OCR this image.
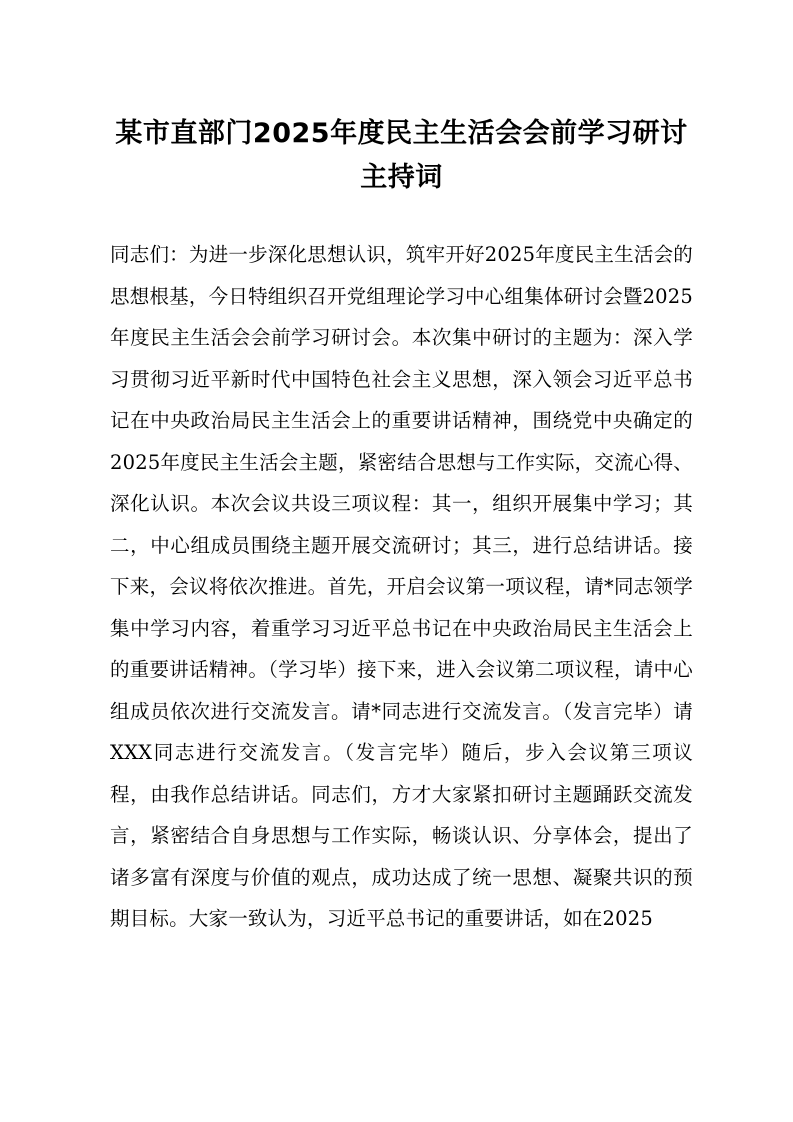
某市直部门2025年度民主生活会会前学习研讨主持词

同志们：为进一步深化思想认识，筑牢开好2025年度民主生活会的思想根基，今日特组织召开党组理论学习中心组集体研讨会暨2025年度民主生活会会前学习研讨会。本次集中研讨的主题为：深入学习贯彻习近平新时代中国特色社会主义思想，深入领会习近平总书记在中央政治局民主生活会上的重要讲话精神，围绕党中央确定的2025年度民主生活会主题，紧密结合思想与工作实际，交流心得、深化认识。本次会议共设三项议程：其一，组织开展集中学习；其二，中心组成员围绕主题开展交流研讨；其三，进行总结讲话。接下来，会议将依次推进。首先，开启会议第一项议程，请*同志领学集中学习内容，着重学习习近平总书记在中央政治局民主生活会上的重要讲话精神。（学习毕）接下来，进入会议第二项议程，请中心组成员依次进行交流发言。请*同志进行交流发言。（发言完毕）请XXX同志进行交流发言。（发言完毕）随后，步入会议第三项议程，由我作总结讲话。同志们，方才大家紧扣研讨主题踊跃交流发言，紧密结合自身思想与工作实际，畅谈认识、分享体会，提出了诸多富有深度与价值的观点，成功达成了统一思想、凝聚共识的预期目标。大家一致认为，习近平总书记的重要讲话，如在2025
